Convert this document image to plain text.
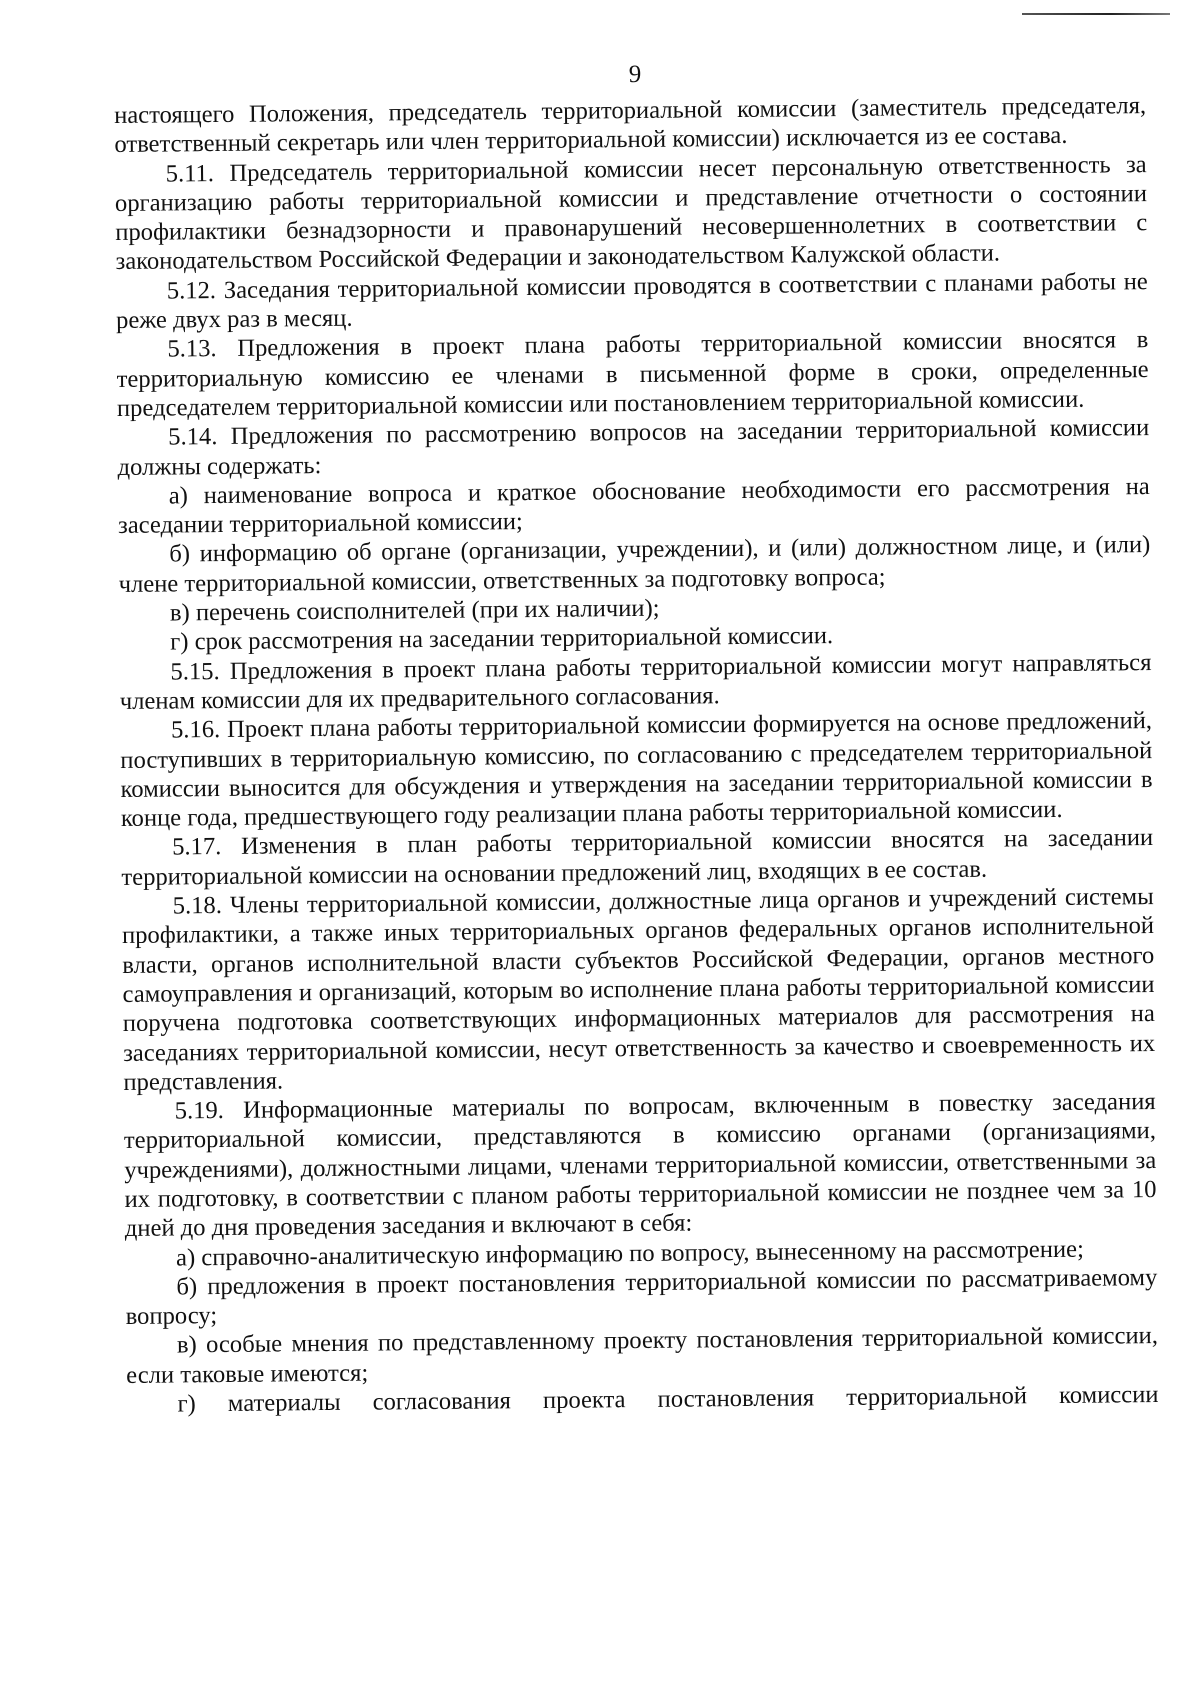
9

настоящего Положения, председатель территориальной комиссии (заместитель председателя, ответственный секретарь или член территориальной комиссии) исключается из ее состава.

5.11. Председатель территориальной комиссии несет персональную ответственность за организацию работы территориальной комиссии и представление отчетности о состоянии профилактики безнадзорности и правонарушений несовершеннолетних в соответствии с законодательством Российской Федерации и законодательством Калужской области.

5.12. Заседания территориальной комиссии проводятся в соответствии с планами работы не реже двух раз в месяц.

5.13. Предложения в проект плана работы территориальной комиссии вносятся в территориальную комиссию ее членами в письменной форме в сроки, определенные председателем территориальной комиссии или постановлением территориальной комиссии.

5.14. Предложения по рассмотрению вопросов на заседании территориальной комиссии должны содержать:

а) наименование вопроса и краткое обоснование необходимости его рассмотрения на заседании территориальной комиссии;

б) информацию об органе (организации, учреждении), и (или) должностном лице, и (или) члене территориальной комиссии, ответственных за подготовку вопроса;

в) перечень соисполнителей (при их наличии);

г) срок рассмотрения на заседании территориальной комиссии.

5.15. Предложения в проект плана работы территориальной комиссии могут направляться членам комиссии для их предварительного согласования.

5.16. Проект плана работы территориальной комиссии формируется на основе предложений, поступивших в территориальную комиссию, по согласованию с председателем территориальной комиссии выносится для обсуждения и утверждения на заседании территориальной комиссии в конце года, предшествующего году реализации плана работы территориальной комиссии.

5.17. Изменения в план работы территориальной комиссии вносятся на заседании территориальной комиссии на основании предложений лиц, входящих в ее состав.

5.18. Члены территориальной комиссии, должностные лица органов и учреждений системы профилактики, а также иных территориальных органов федеральных органов исполнительной власти, органов исполнительной власти субъектов Российской Федерации, органов местного самоуправления и организаций, которым во исполнение плана работы территориальной комиссии поручена подготовка соответствующих информационных материалов для рассмотрения на заседаниях территориальной комиссии, несут ответственность за качество и своевременность их представления.

5.19. Информационные материалы по вопросам, включенным в повестку заседания территориальной комиссии, представляются в комиссию органами (организациями, учреждениями), должностными лицами, членами территориальной комиссии, ответственными за их подготовку, в соответствии с планом работы территориальной комиссии не позднее чем за 10 дней до дня проведения заседания и включают в себя:

а) справочно-аналитическую информацию по вопросу, вынесенному на рассмотрение;

б) предложения в проект постановления территориальной комиссии по рассматриваемому вопросу;

в) особые мнения по представленному проекту постановления территориальной комиссии, если таковые имеются;

г) материалы согласования проекта постановления территориальной комиссии
